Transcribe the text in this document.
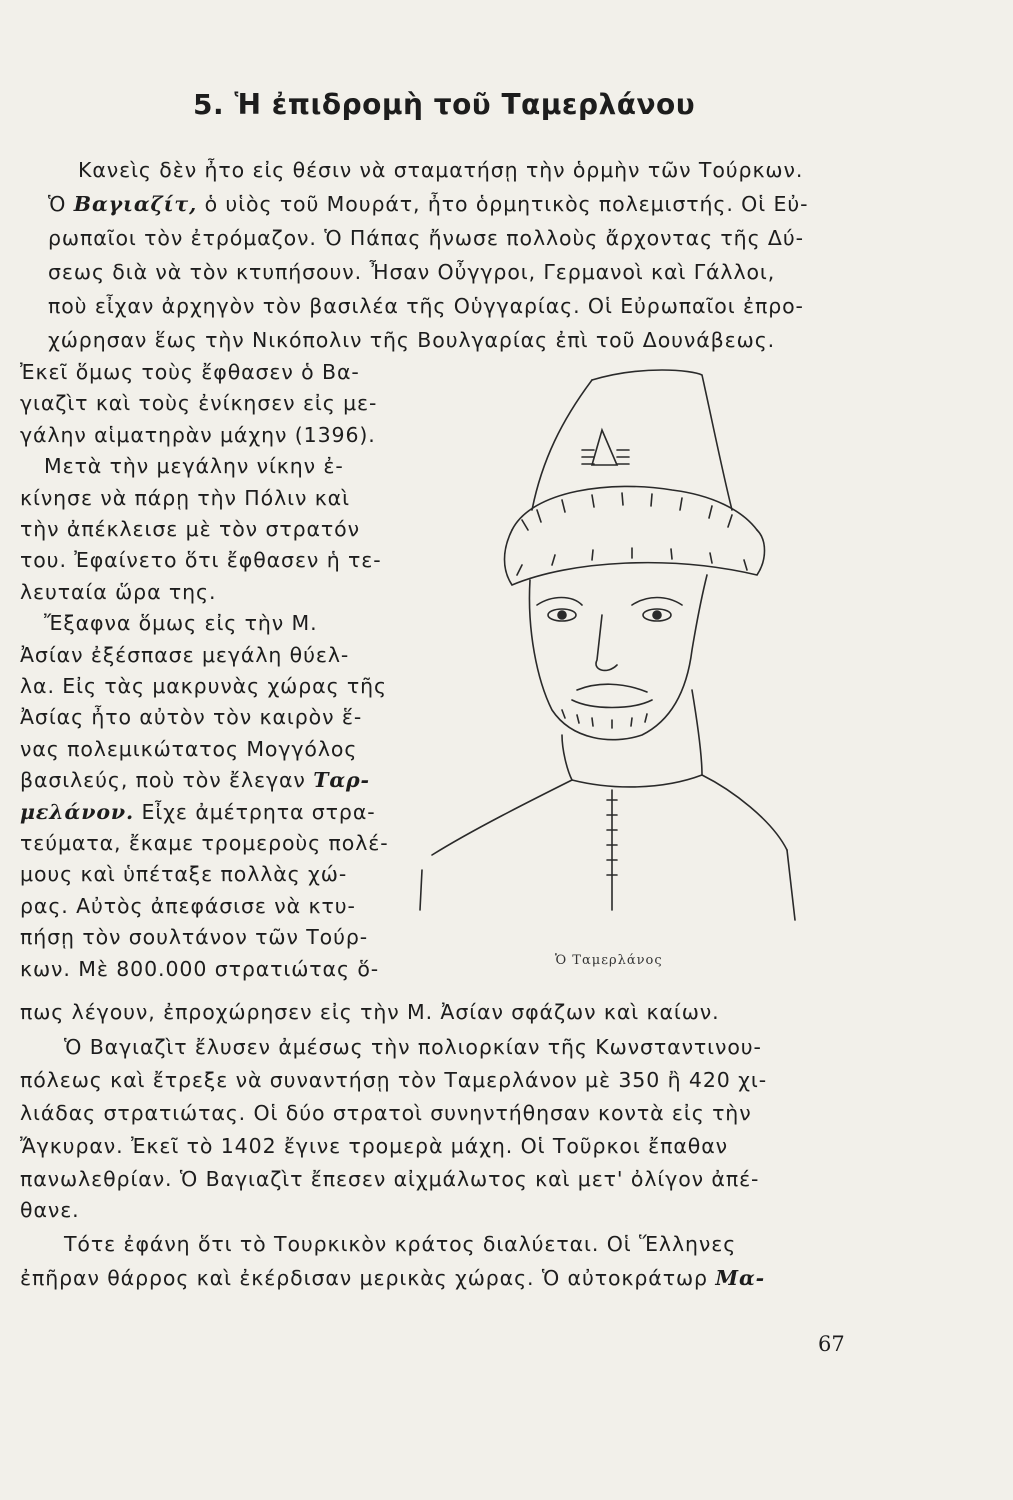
5. Ἡ ἐπιδρομὴ τοῦ Ταμερλάνου
Κανεὶς δὲν ἦτο εἰς θέσιν νὰ σταματήσῃ τὴν ὁρμὴν τῶν Τούρκων.
Ὁ Βαγιαζίτ, ὁ υἱὸς τοῦ Μουράτ, ἦτο ὁρμητικὸς πολεμιστής. Οἱ Εὐ-
ρωπαῖοι τὸν ἐτρόμαζον. Ὁ Πάπας ἤνωσε πολλοὺς ἄρχοντας τῆς Δύ-
σεως διὰ νὰ τὸν κτυπήσουν. Ἦσαν Οὖγγροι, Γερμανοὶ καὶ Γάλλοι,
ποὺ εἶχαν ἀρχηγὸν τὸν βασιλέα τῆς Οὑγγαρίας. Οἱ Εὐρωπαῖοι ἐπρο-
χώρησαν ἕως τὴν Νικόπολιν τῆς Βουλγαρίας ἐπὶ τοῦ Δουνάβεως.
Ἐκεῖ ὅμως τοὺς ἔφθασεν ὁ Βα-
γιαζὶτ καὶ τοὺς ἐνίκησεν εἰς με-
γάλην αἱματηρὰν μάχην (1396).
Μετὰ τὴν μεγάλην νίκην ἐ-
κίνησε νὰ πάρῃ τὴν Πόλιν καὶ
τὴν ἀπέκλεισε μὲ τὸν στρατόν
του. Ἐφαίνετο ὅτι ἔφθασεν ἡ τε-
λευταία ὥρα της.
Ἔξαφνα ὅμως εἰς τὴν Μ.
Ἀσίαν ἐξέσπασε μεγάλη θύελ-
λα. Εἰς τὰς μακρυνὰς χώρας τῆς
Ἀσίας ἦτο αὐτὸν τὸν καιρὸν ἕ-
νας πολεμικώτατος Μογγόλος
βασιλεύς, ποὺ τὸν ἔλεγαν Ταρ-
μελάνον. Εἶχε ἀμέτρητα στρα-
τεύματα, ἔκαμε τρομεροὺς πολέ-
μους καὶ ὑπέταξε πολλὰς χώ-
ρας. Αὐτὸς ἀπεφάσισε νὰ κτυ-
πήσῃ τὸν σουλτάνον τῶν Τούρ-
κων. Μὲ 800.000 στρατιώτας ὅ-
πως λέγουν, ἐπροχώρησεν εἰς τὴν Μ. Ἀσίαν σφάζων καὶ καίων.
Ὁ Βαγιαζὶτ ἔλυσεν ἀμέσως τὴν πολιορκίαν τῆς Κωνσταντινου-
πόλεως καὶ ἔτρεξε νὰ συναντήσῃ τὸν Ταμερλάνον μὲ 350 ἢ 420 χι-
λιάδας στρατιώτας. Οἱ δύο στρατοὶ συνηντήθησαν κοντὰ εἰς τὴν
Ἄγκυραν. Ἐκεῖ τὸ 1402 ἔγινε τρομερὰ μάχη. Οἱ Τοῦρκοι ἔπαθαν
πανωλεθρίαν. Ὁ Βαγιαζὶτ ἔπεσεν αἰχμάλωτος καὶ μετ' ὀλίγον ἀπέ-
θανε.
Τότε ἐφάνη ὅτι τὸ Τουρκικὸν κράτος διαλύεται. Οἱ Ἕλληνες
ἐπῆραν θάρρος καὶ ἐκέρδισαν μερικὰς χώρας. Ὁ αὐτοκράτωρ Μα-
Ὁ Ταμερλάνος
67
